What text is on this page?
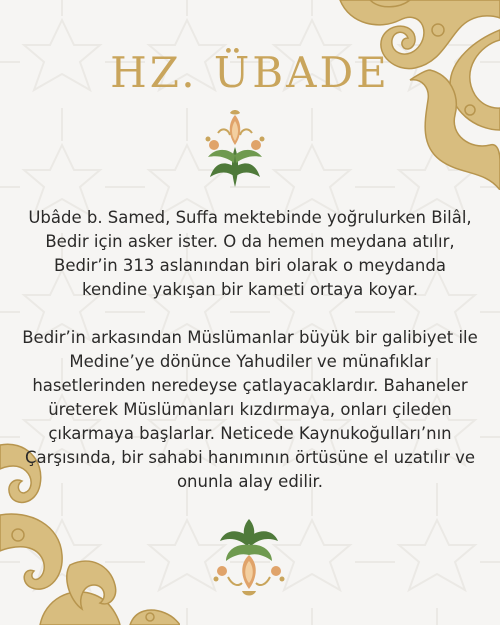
HZ. ÜBADE

Ubâde b. Samed, Suffa mektebinde yoğrulurken Bilâl, Bedir için asker ister. O da hemen meydana atılır, Bedir’in 313 aslanından biri olarak o meydanda kendine yakışan bir kameti ortaya koyar.

Bedir’in arkasından Müslümanlar büyük bir galibiyet ile Medine’ye dönünce Yahudiler ve münafıklar hasetlerinden neredeyse çatlayacaklardır. Bahaneler üreterek Müslümanları kızdırmaya, onları çileden çıkarmaya başlarlar. Neticede Kaynukoğulları’nın Çarşısında, bir sahabi hanımının örtüsüne el uzatılır ve onunla alay edilir.
